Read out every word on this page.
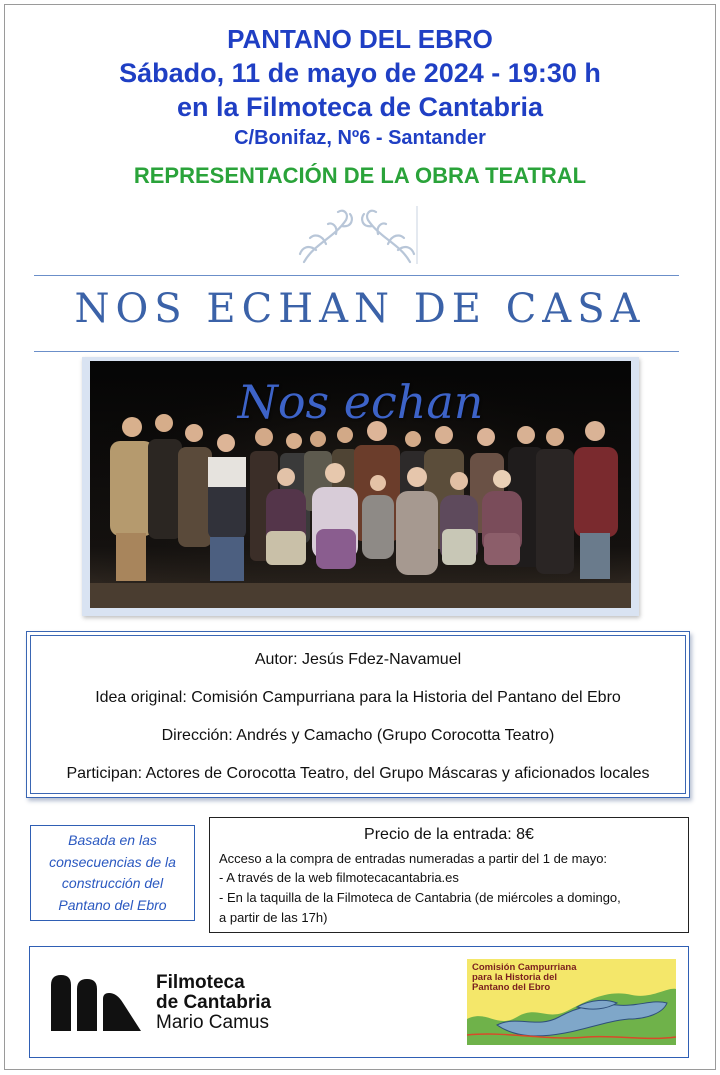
PANTANO DEL EBRO
Sábado, 11 de mayo de 2024 - 19:30 h
en la Filmoteca de Cantabria
C/Bonifaz, Nº6 - Santander
REPRESENTACIÓN DE LA OBRA TEATRAL
NOS ECHAN DE CASA
Nos echan
Autor: Jesús Fdez-Navamuel
Idea original: Comisión Campurriana para la Historia del Pantano del Ebro
Dirección: Andrés y Camacho (Grupo Corocotta Teatro)
Participan: Actores de Corocotta Teatro, del Grupo Máscaras y aficionados locales
Basada en las
consecuencias de la
construcción del
Pantano del Ebro
Precio de la entrada: 8€
Acceso a la compra de entradas numeradas a partir del 1 de mayo:
- A través de la web filmotecacantabria.es
- En la taquilla de la Filmoteca de Cantabria (de miércoles a domingo,
a partir de las 17h)
Filmoteca
de Cantabria
Mario Camus
Comisión Campurriana
para la Historia del
Pantano del Ebro
